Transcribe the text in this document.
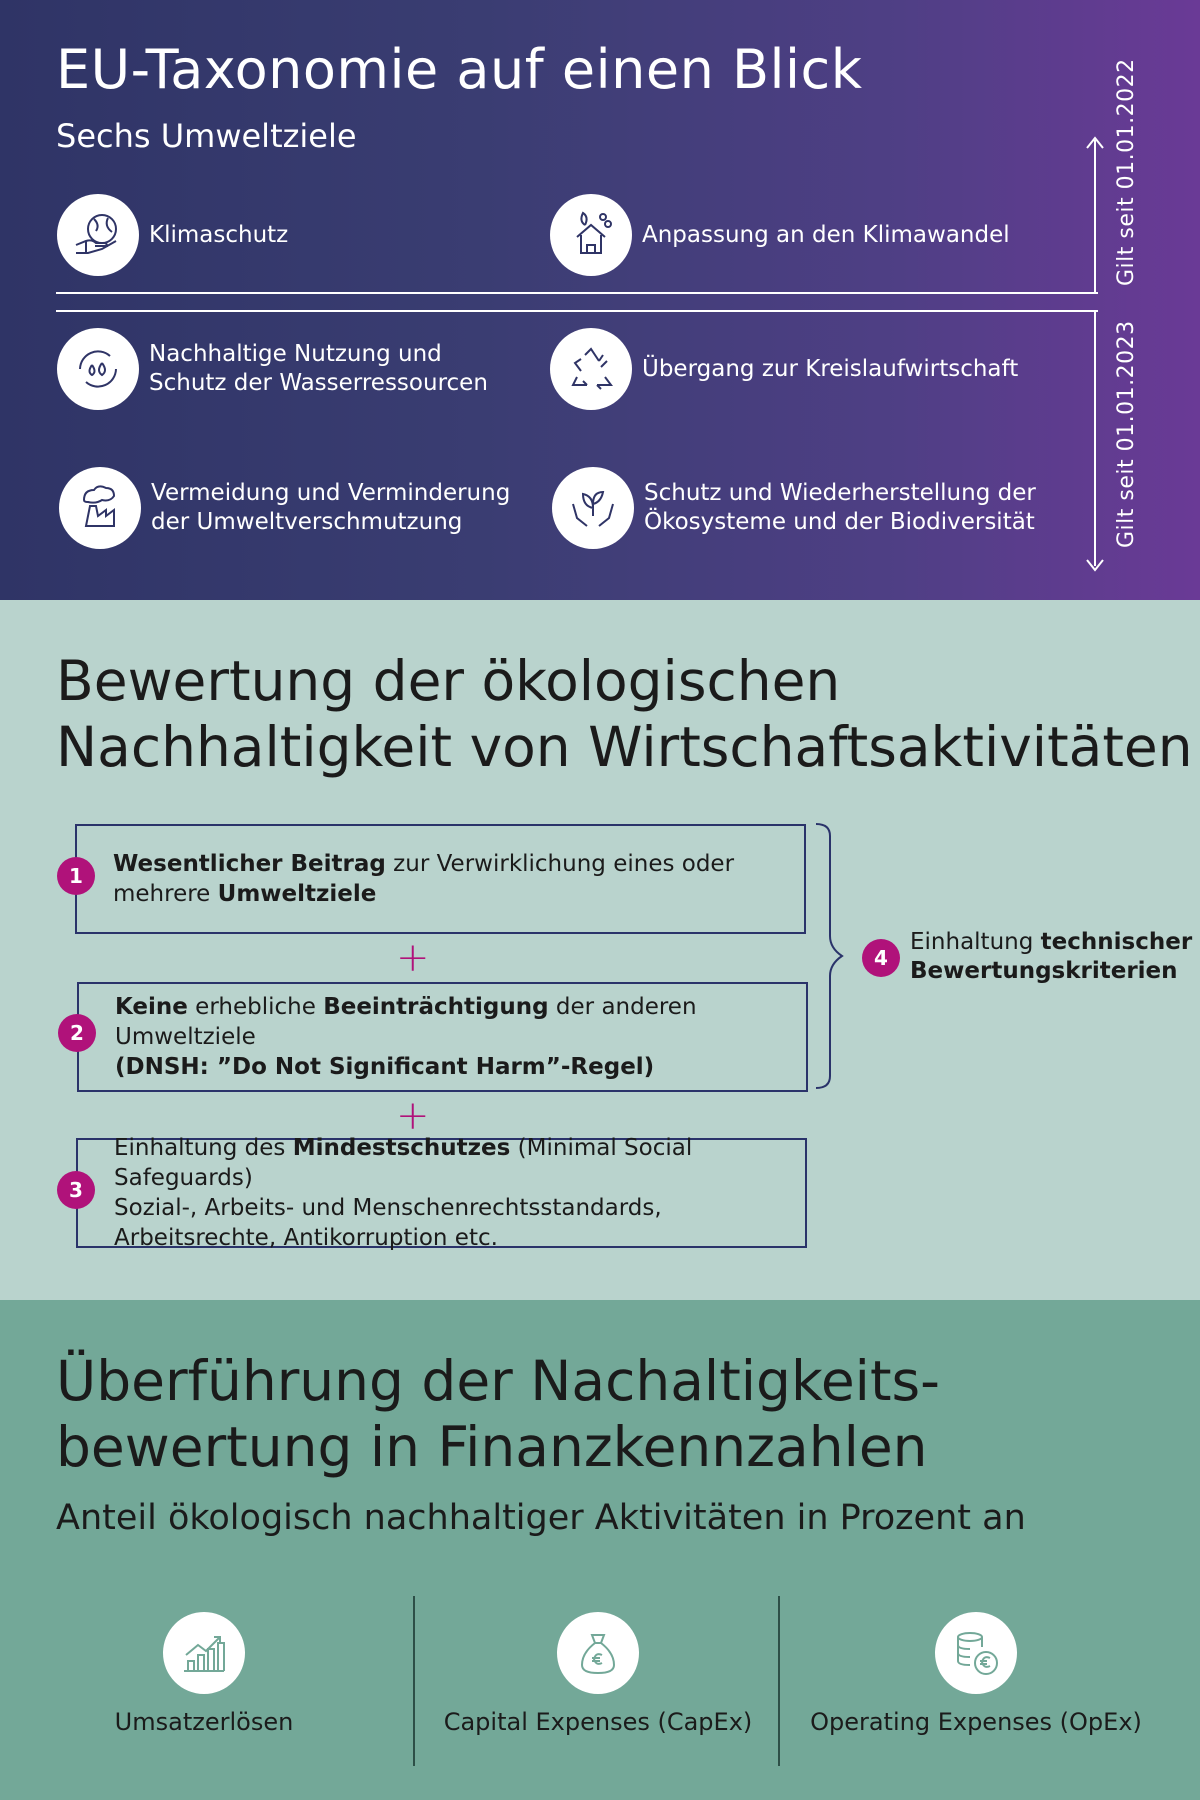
EU-Taxonomie auf einen Blick
Sechs Umweltziele
Klimaschutz	Anpassung an den Klimawandel
Nachhaltige Nutzung und
Schutz der Wasserressourcen
Übergang zur Kreislaufwirtschaft
Vermeidung und Verminderung
der Umweltverschmutzung
Schutz und Wiederherstellung der
Ökosysteme und der Biodiversität
Gilt seit 01.01.2022
Gilt seit 01.01.2023
Bewertung der ökologischen
Nachhaltigkeit von Wirtschaftsaktivitäten
Wesentlicher Beitrag zur Verwirklichung eines oder
mehrere Umweltziele
1
+
Keine erhebliche Beeinträchtigung der anderen Umweltziele
(DNSH: ”Do Not Significant Harm”-Regel)
2
+
Einhaltung des Mindestschutzes (Minimal Social Safeguards)
Sozial-, Arbeits- und Menschenrechtsstandards,
Arbeitsrechte, Antikorruption etc.
3
4
Einhaltung technischer
Bewertungskriterien
Überführung der Nachaltigkeits-
bewertung in Finanzkennzahlen
Anteil ökologisch nachhaltiger Aktivitäten in Prozent an
Umsatzerlösen	Capital Expenses (CapEx) Operating Expenses (OpEx)
